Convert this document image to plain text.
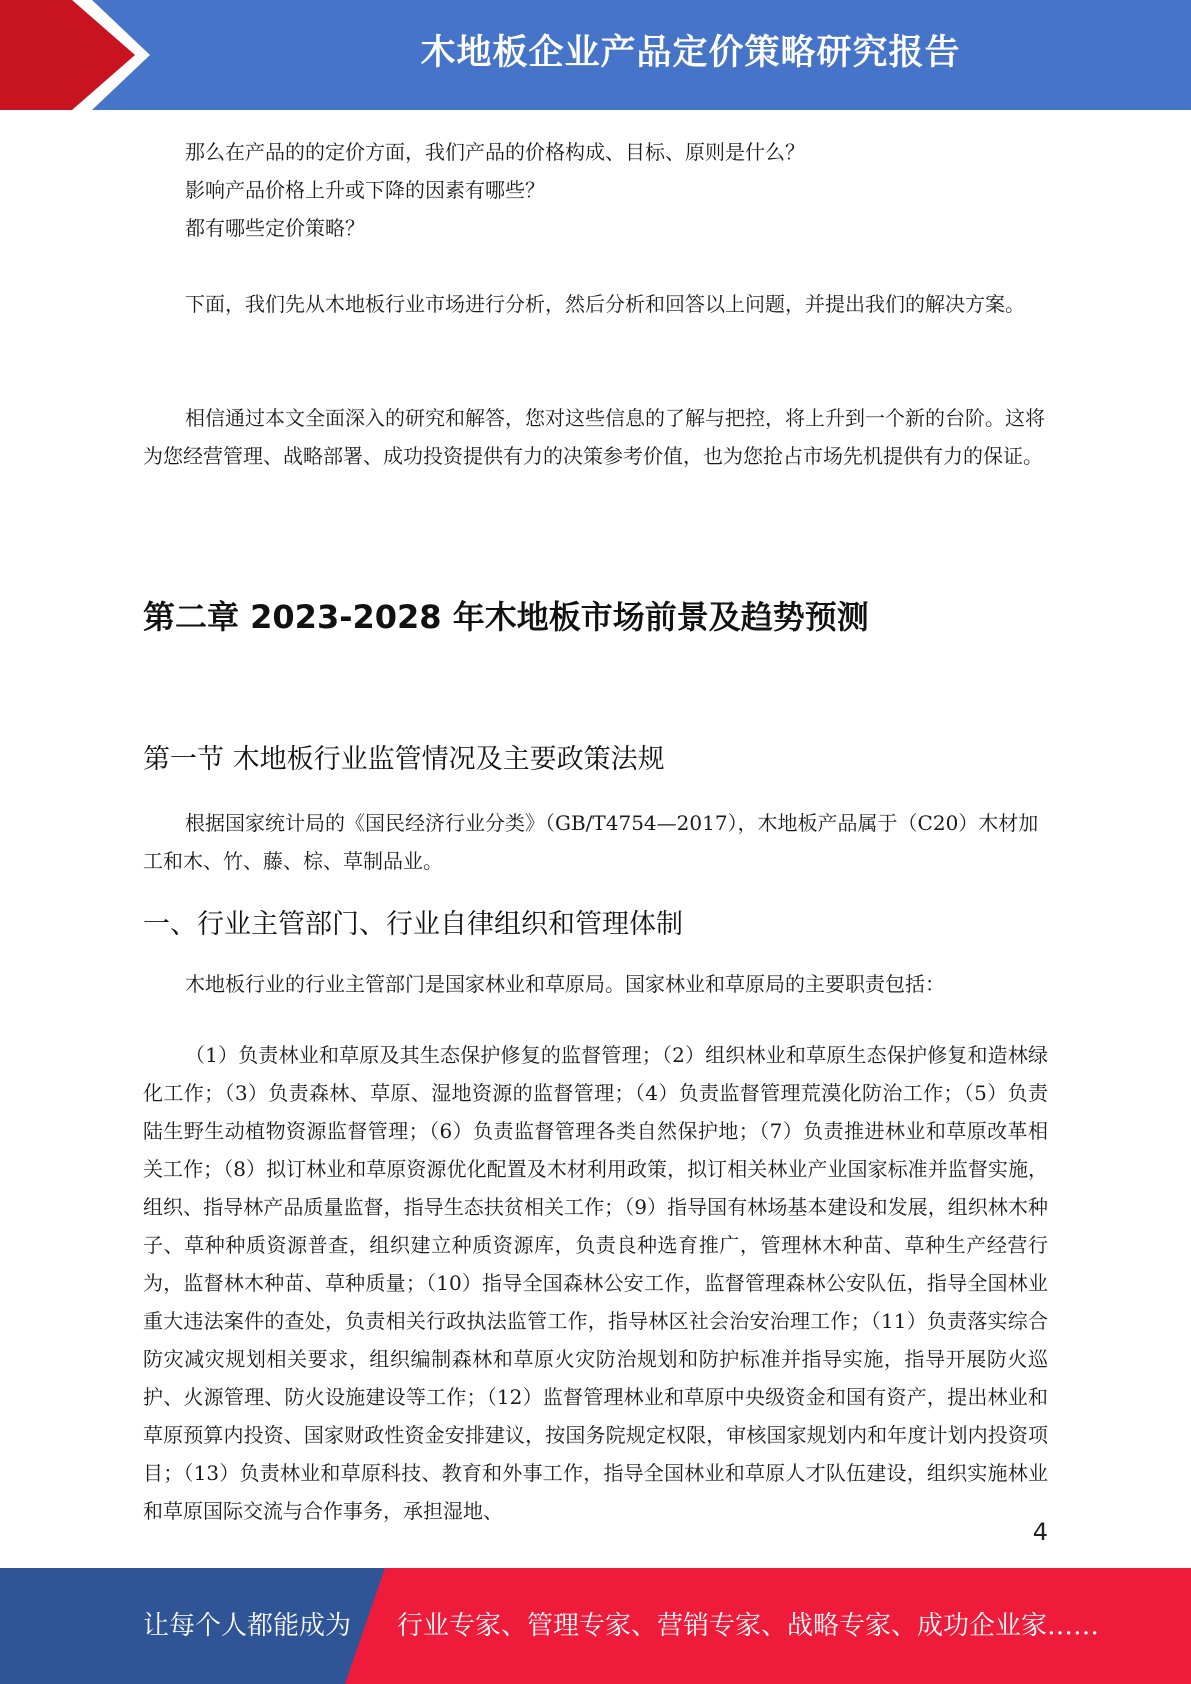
木地板企业产品定价策略研究报告

那么在产品的的定价方面，我们产品的价格构成、目标、原则是什么？

影响产品价格上升或下降的因素有哪些？

都有哪些定价策略？

下面，我们先从木地板行业市场进行分析，然后分析和回答以上问题，并提出我们的解决方案。

相信通过本文全面深入的研究和解答，您对这些信息的了解与把控，将上升到一个新的台阶。这将为您经营管理、战略部署、成功投资提供有力的决策参考价值，也为您抢占市场先机提供有力的保证。

第二章 2023-2028 年木地板市场前景及趋势预测
第一节 木地板行业监管情况及主要政策法规

根据国家统计局的《国民经济行业分类》（GB/T4754—2017），木地板产品属于（C20）木材加工和木、竹、藤、棕、草制品业。

一、行业主管部门、行业自律组织和管理体制

木地板行业的行业主管部门是国家林业和草原局。国家林业和草原局的主要职责包括：

（1）负责林业和草原及其生态保护修复的监督管理；（2）组织林业和草原生态保护修复和造林绿化工作；（3）负责森林、草原、湿地资源的监督管理；（4）负责监督管理荒漠化防治工作；（5）负责陆生野生动植物资源监督管理；（6）负责监督管理各类自然保护地；（7）负责推进林业和草原改革相关工作；（8）拟订林业和草原资源优化配置及木材利用政策，拟订相关林业产业国家标准并监督实施，组织、指导林产品质量监督，指导生态扶贫相关工作；（9）指导国有林场基本建设和发展，组织林木种子、草种种质资源普查，组织建立种质资源库，负责良种选育推广，管理林木种苗、草种生产经营行为，监督林木种苗、草种质量；（10）指导全国森林公安工作，监督管理森林公安队伍，指导全国林业重大违法案件的查处，负责相关行政执法监管工作，指导林区社会治安治理工作；（11）负责落实综合防灾减灾规划相关要求，组织编制森林和草原火灾防治规划和防护标准并指导实施，指导开展防火巡护、火源管理、防火设施建设等工作；（12）监督管理林业和草原中央级资金和国有资产，提出林业和草原预算内投资、国家财政性资金安排建议，按国务院规定权限，审核国家规划内和年度计划内投资项目；（13）负责林业和草原科技、教育和外事工作，指导全国林业和草原人才队伍建设，组织实施林业和草原国际交流与合作事务，承担湿地、

4
让每个人都能成为 行业专家、管理专家、营销专家、战略专家、成功企业家……
